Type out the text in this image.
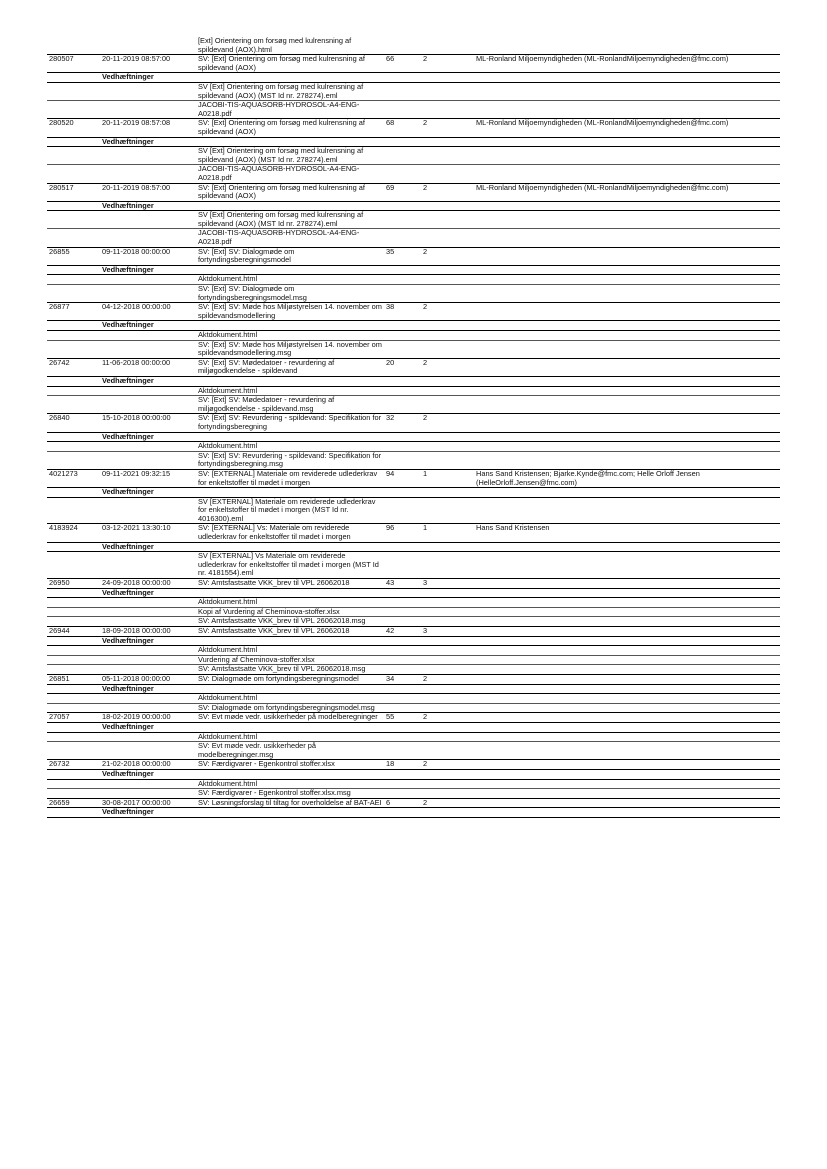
		[Ext] Orientering om forsøg med kulrensning af spildevand (AOX).html			
280507	20-11-2019 08:57:00	SV: [Ext] Orientering om forsøg med kulrensning af spildevand (AOX)	66	2	ML-Ronland Miljoemyndigheden (ML-RonlandMiljoemyndigheden@fmc.com)
	Vedhæftninger				
		SV [Ext] Orientering om forsøg med kulrensning af spildevand (AOX) (MST Id nr. 278274).eml			
		JACOBI-TIS-AQUASORB-HYDROSOL-A4-ENG-A0218.pdf			
280520	20-11-2019 08:57:08	SV: [Ext] Orientering om forsøg med kulrensning af spildevand (AOX)	68	2	ML-Ronland Miljoemyndigheden (ML-RonlandMiljoemyndigheden@fmc.com)
	Vedhæftninger				
		SV [Ext] Orientering om forsøg med kulrensning af spildevand (AOX) (MST Id nr. 278274).eml			
		JACOBI-TIS-AQUASORB-HYDROSOL-A4-ENG-A0218.pdf			
280517	20-11-2019 08:57:00	SV: [Ext] Orientering om forsøg med kulrensning af spildevand (AOX)	69	2	ML-Ronland Miljoemyndigheden (ML-RonlandMiljoemyndigheden@fmc.com)
	Vedhæftninger				
		SV [Ext] Orientering om forsøg med kulrensning af spildevand (AOX) (MST Id nr. 278274).eml			
		JACOBI-TIS-AQUASORB-HYDROSOL-A4-ENG-A0218.pdf			
26855	09-11-2018 00:00:00	SV: [Ext] SV: Dialogmøde om fortyndingsberegningsmodel	35	2	
	Vedhæftninger				
		Aktdokument.html			
		SV: [Ext] SV: Dialogmøde om fortyndingsberegningsmodel.msg			
26877	04-12-2018 00:00:00	SV: [Ext] SV: Møde hos Miljøstyrelsen 14. november om spildevandsmodellering	38	2	
	Vedhæftninger				
		Aktdokument.html			
		SV: [Ext] SV: Møde hos Miljøstyrelsen 14. november om spildevandsmodellering.msg			
26742	11-06-2018 00:00:00	SV: [Ext] SV: Mødedatoer - revurdering af miljøgodkendelse - spildevand	20	2	
	Vedhæftninger				
		Aktdokument.html			
		SV: [Ext] SV: Mødedatoer - revurdering af miljøgodkendelse - spildevand.msg			
26840	15-10-2018 00:00:00	SV: [Ext] SV: Revurdering - spildevand: Specifikation for fortyndingsberegning	32	2	
	Vedhæftninger				
		Aktdokument.html			
		SV: [Ext] SV: Revurdering - spildevand: Specifikation for fortyndingsberegning.msg			
4021273	09-11-2021 09:32:15	SV: [EXTERNAL] Materiale om reviderede udlederkrav for enkeltstoffer til mødet i morgen	94	1	Hans Sand Kristensen; Bjarke.Kynde@fmc.com; Helle Orloff Jensen (HelleOrloff.Jensen@fmc.com)
	Vedhæftninger				
		SV [EXTERNAL] Materiale om reviderede udlederkrav for enkeltstoffer til mødet i morgen (MST Id nr. 4016300).eml			
4183924	03-12-2021 13:30:10	SV: [EXTERNAL] Vs: Materiale om reviderede udlederkrav for enkeltstoffer til mødet i morgen	96	1	Hans Sand Kristensen
	Vedhæftninger				
		SV [EXTERNAL] Vs Materiale om reviderede udlederkrav for enkeltstoffer til mødet i morgen (MST Id nr. 4181554).eml			
26950	24-09-2018 00:00:00	SV: Amtsfastsatte VKK_brev til VPL 26062018	43	3	
	Vedhæftninger				
		Aktdokument.html			
		Kopi af Vurdering af Cheminova-stoffer.xlsx			
		SV: Amtsfastsatte VKK_brev til VPL 26062018.msg			
26944	18-09-2018 00:00:00	SV: Amtsfastsatte VKK_brev til VPL 26062018	42	3	
	Vedhæftninger				
		Aktdokument.html			
		Vurdering af Cheminova-stoffer.xlsx			
		SV: Amtsfastsatte VKK_brev til VPL 26062018.msg			
26851	05-11-2018 00:00:00	SV: Dialogmøde om fortyndingsberegningsmodel	34	2	
	Vedhæftninger				
		Aktdokument.html			
		SV: Dialogmøde om fortyndingsberegningsmodel.msg			
27057	18-02-2019 00:00:00	SV: Evt møde vedr. usikkerheder på modelberegninger	55	2	
	Vedhæftninger				
		Aktdokument.html			
		SV: Evt møde vedr. usikkerheder på modelberegninger.msg			
26732	21-02-2018 00:00:00	SV: Færdigvarer - Egenkontrol stoffer.xlsx	18	2	
	Vedhæftninger				
		Aktdokument.html			
		SV: Færdigvarer - Egenkontrol stoffer.xlsx.msg			
26659	30-08-2017 00:00:00	SV: Løsningsforslag til tiltag for overholdelse af BAT-AEI	6	2	
	Vedhæftninger				
